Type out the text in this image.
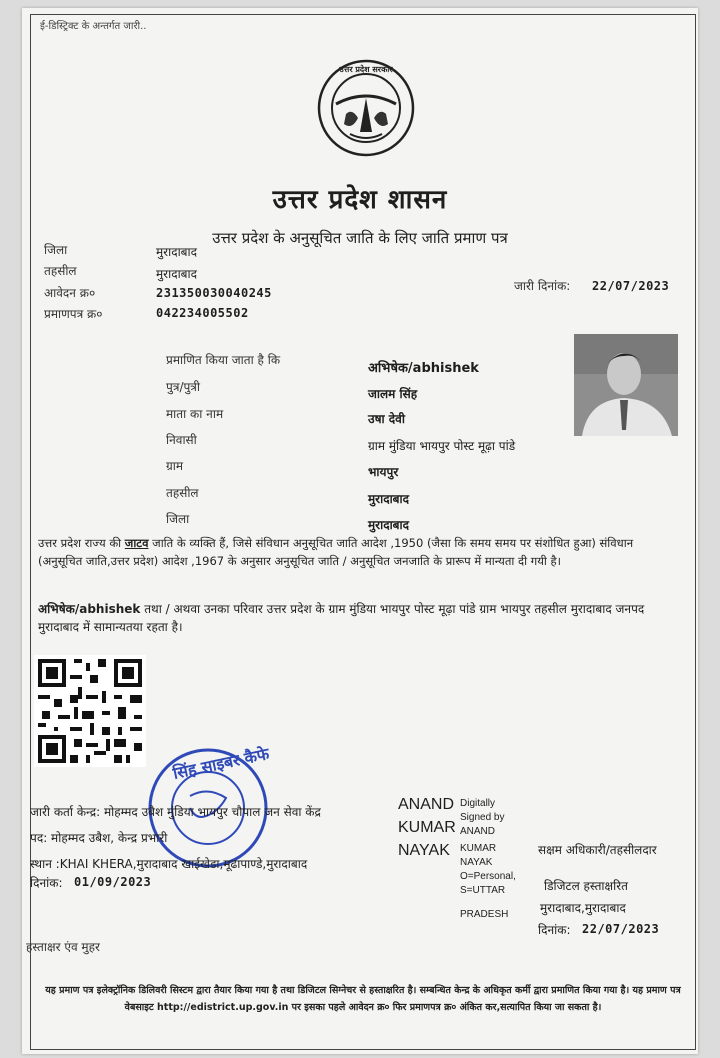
ई-डिस्ट्रिक्ट के अन्तर्गत जारी..
उत्तर प्रदेश सरकार
उत्तर प्रदेश शासन
उत्तर प्रदेश के अनुसूचित जाति के लिए जाति प्रमाण पत्र
जिला	मुरादाबाद
तहसील	मुरादाबाद
आवेदन क्र०	231350030040245
प्रमाणपत्र क्र०	042234005502
जारी दिनांक: 22/07/2023
प्रमाणित किया जाता है कि
अभिषेक/abhishek
पुत्र/पुत्री	जालम सिंह
माता का नाम	उषा देवी
निवासी	ग्राम मुंडिया भायपुर पोस्ट मूढ़ा पांडे
ग्राम	भायपुर
तहसील	मुरादाबाद
जिला	मुरादाबाद
उत्तर प्रदेश राज्य की जाटव जाति के व्यक्ति हैं, जिसे संविधान अनुसूचित जाति आदेश ,1950 (जैसा कि समय समय पर संशोधित हुआ) संविधान (अनुसूचित जाति,उत्तर प्रदेश) आदेश ,1967 के अनुसार अनुसूचित जाति / अनुसूचित जनजाति के प्रारूप में मान्यता दी गयी है।
अभिषेक/abhishek तथा / अथवा उनका परिवार उत्तर प्रदेश के ग्राम मुंडिया भायपुर पोस्ट मूढ़ा पांडे ग्राम भायपुर तहसील मुरादाबाद जनपद मुरादाबाद में सामान्यतया रहता है।
सिंह साइबर कैफे
जारी कर्ता केन्द्र: मोहम्मद उबैश मुंडिया भायपुर चौपाल जन सेवा केंद्र
पद: मोहम्मद उबैश, केन्द्र प्रभारी
स्थान :KHAI KHERA,मुरादाबाद खाईखेडा,मूढापाण्डे,मुरादाबाद
दिनांक: 01/09/2023
ANAND
KUMAR
NAYAK
Digitally
Signed by
ANAND
KUMAR
NAYAK
O=Personal,
S=UTTAR
PRADESH
सक्षम अधिकारी/तहसीलदार
डिजिटल हस्ताक्षरित
मुरादाबाद,मुरादाबाद
दिनांक: 22/07/2023
हस्ताक्षर एंव मुहर
यह प्रमाण पत्र इलेक्ट्रॉनिक डिलिवरी सिस्टम द्वारा तैयार किया गया है तथा डिजिटल सिग्नेचर से हस्ताक्षरित है। सम्बन्धित केन्द्र के अधिकृत कर्मी द्वारा प्रमाणित किया गया है। यह प्रमाण पत्र वेबसाइट http://edistrict.up.gov.in पर इसका पहले आवेदन क्र० फिर प्रमाणपत्र क्र० अंकित कर,सत्यापित किया जा सकता है।
